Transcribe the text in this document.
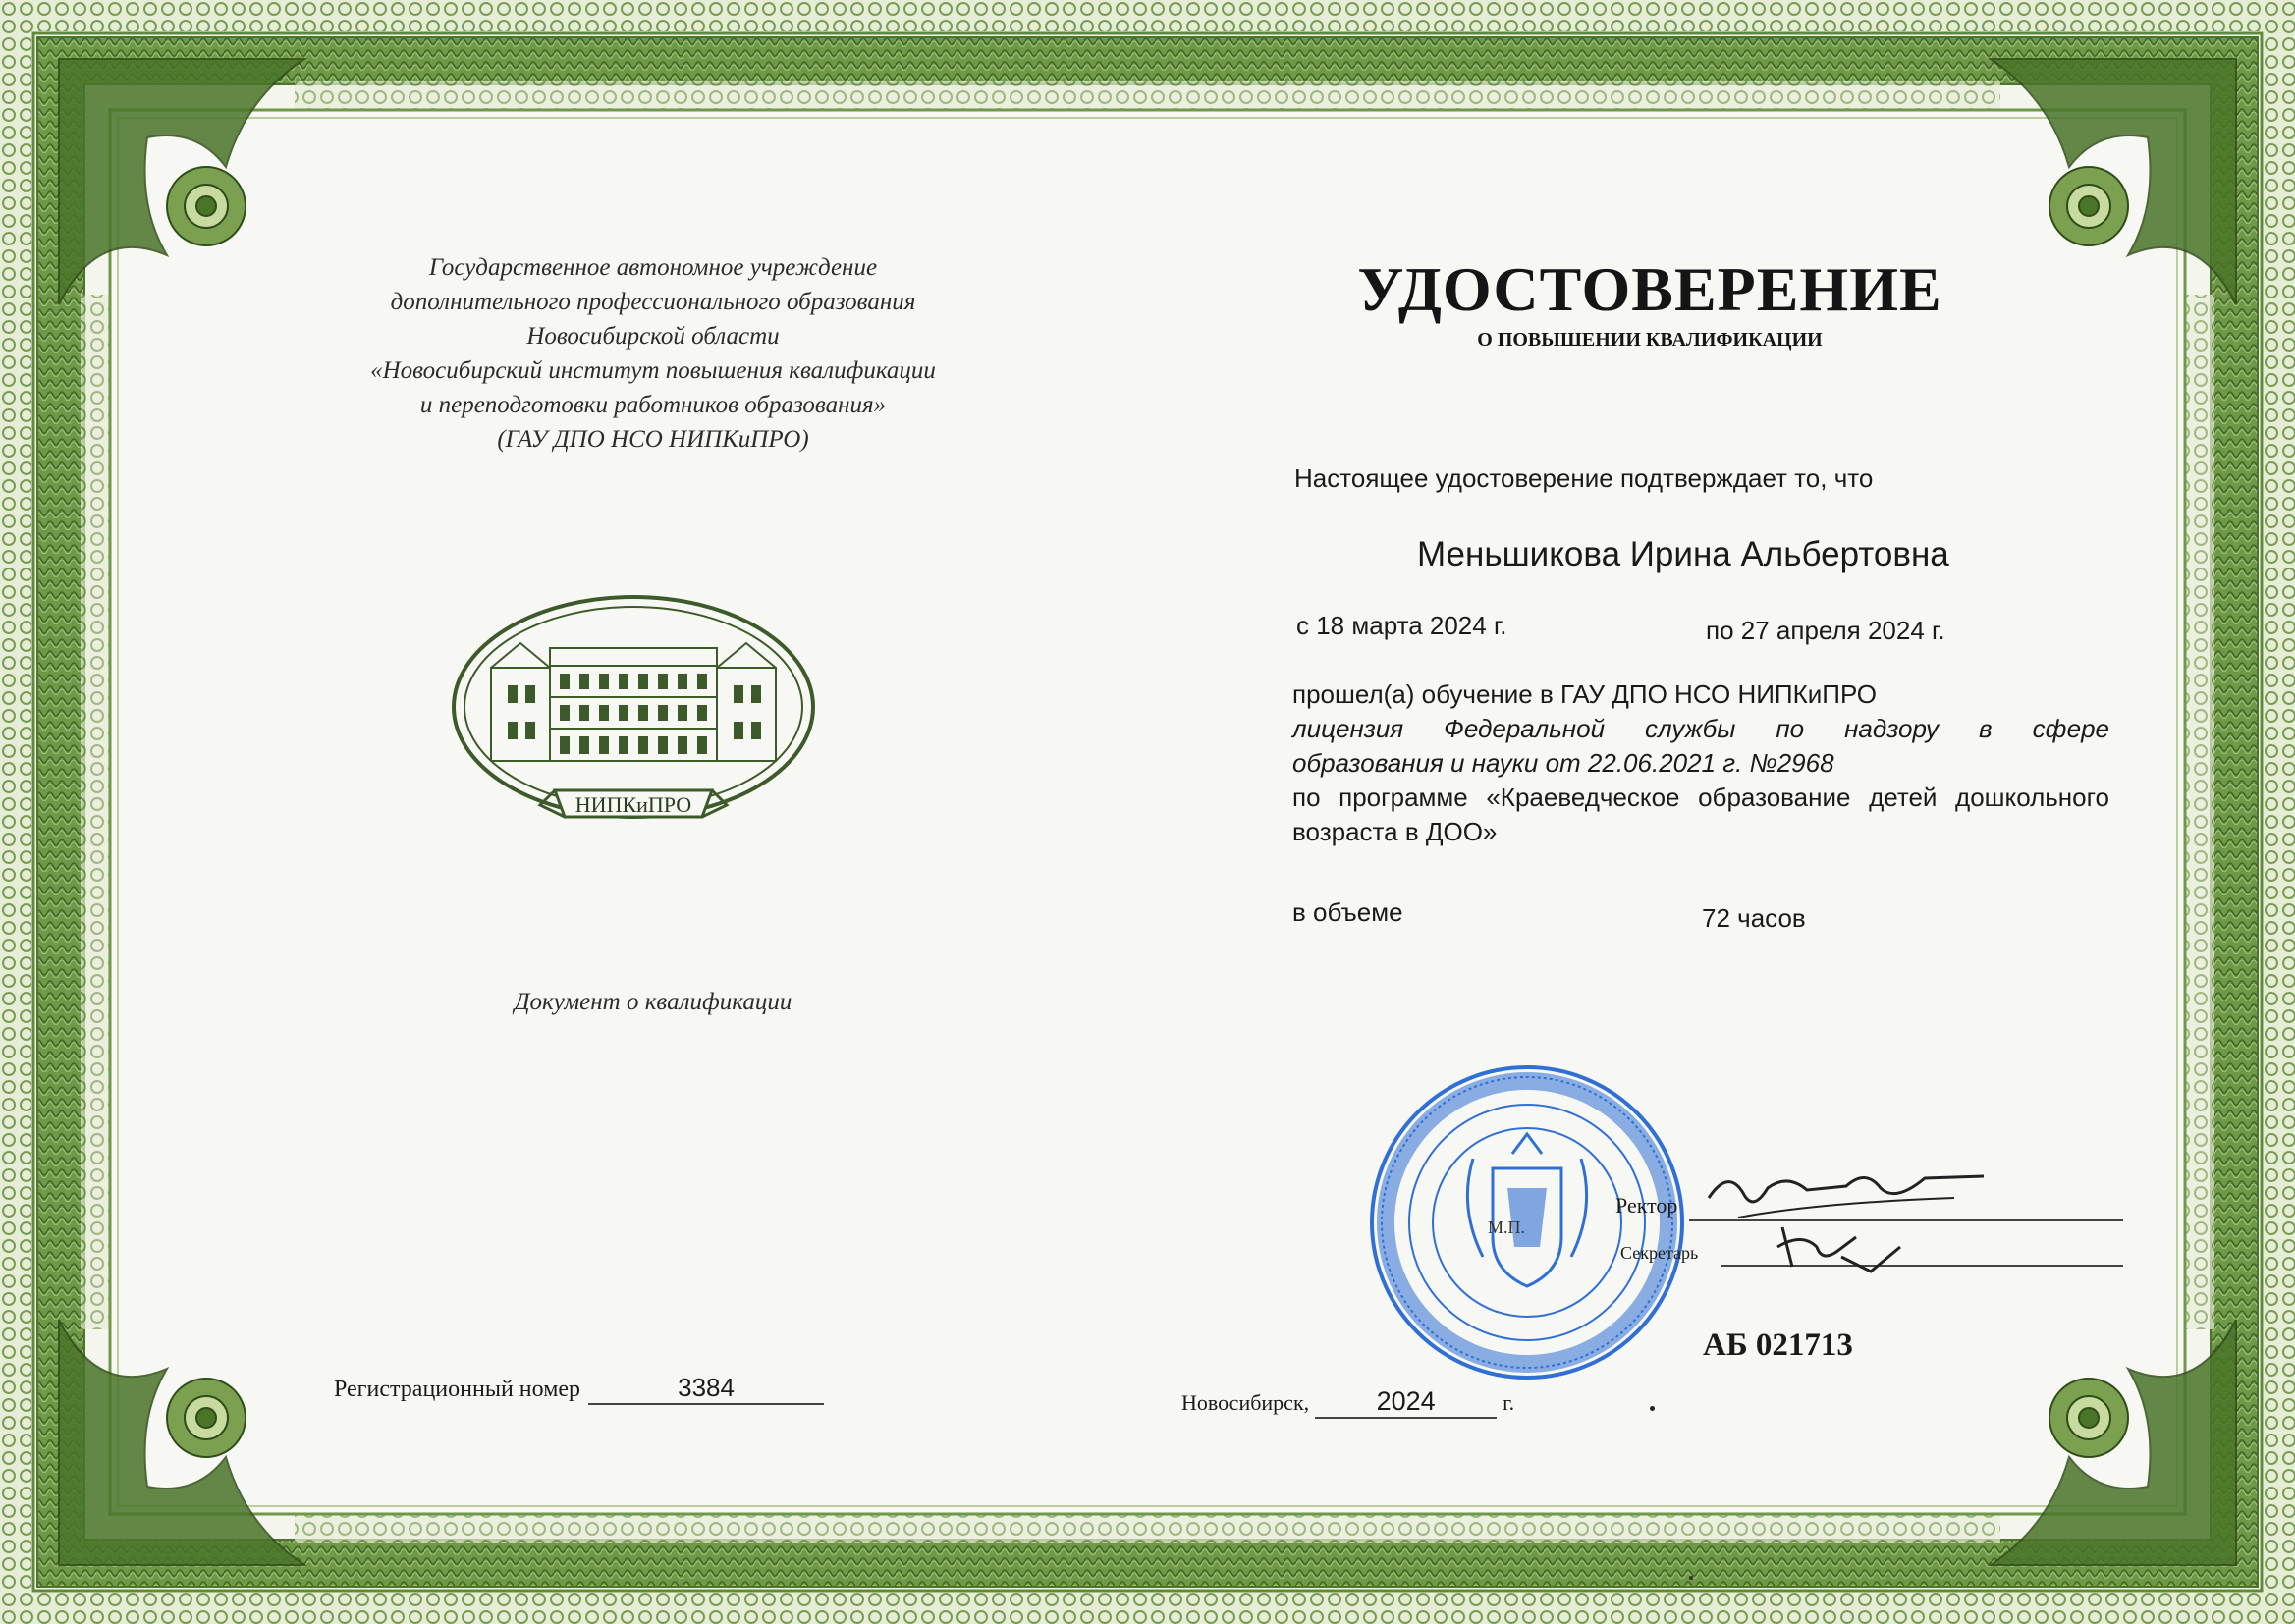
Государственное автономное учреждение
дополнительного профессионального образования
Новосибирской области
«Новосибирский институт повышения квалификации
и переподготовки работников образования»
(ГАУ ДПО НСО НИПКиПРО)
НИПКиПРО
Документ о квалификации
Регистрационный номер	3384
Новосибирск,	2024	г.
УДОСТОВЕРЕНИЕ
О ПОВЫШЕНИИ КВАЛИФИКАЦИИ
Настоящее удостоверение подтверждает то, что
Меньшикова Ирина Альбертовна
с 18 марта 2024 г.	по 27 апреля 2024 г.
прошел(а) обучение в ГАУ ДПО НСО НИПКиПРО
лицензия Федеральной службы по надзору в сфере
образования и науки от 22.06.2021 г. №2968
по программе «Краеведческое образование детей дошкольного
возраста в ДОО»
в объеме	72 часов
М.П.
Ректор
Секретарь
АБ 021713
